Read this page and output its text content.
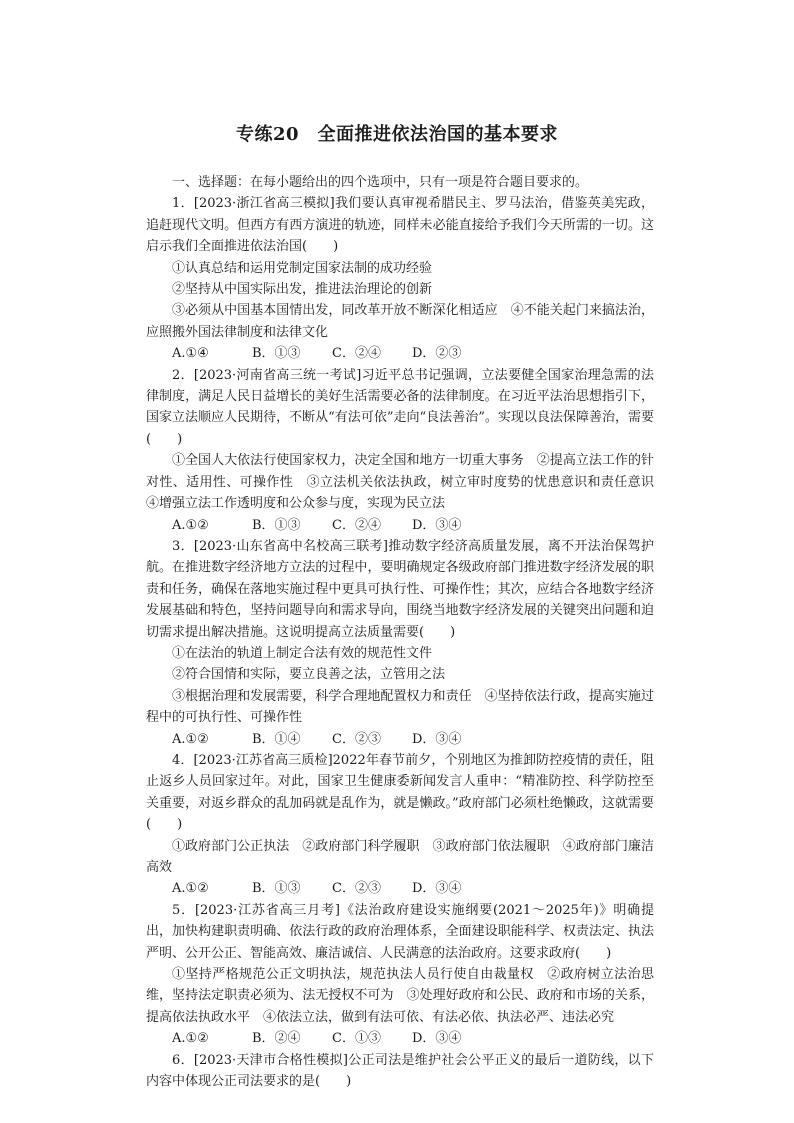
专练20　全面推进依法治国的基本要求

一、选择题：在每小题给出的四个选项中，只有一项是符合题目要求的。

1．[2023·浙江省高三模拟]我们要认真审视希腊民主、罗马法治，借鉴英美宪政，追赶现代文明。但西方有西方演进的轨迹，同样未必能直接给予我们今天所需的一切。这启示我们全面推进依法治国(　　)

①认真总结和运用党制定国家法制的成功经验

②坚持从中国实际出发，推进法治理论的创新

③必须从中国基本国情出发，同改革开放不断深化相适应　④不能关起门来搞法治，应照搬外国法律制度和法律文化

A.①④	B．①③	C．②④	D．②③

2．[2023·河南省高三统一考试]习近平总书记强调，立法要健全国家治理急需的法律制度，满足人民日益增长的美好生活需要必备的法律制度。在习近平法治思想指引下，国家立法顺应人民期待，不断从“有法可依”走向“良法善治”。实现以良法保障善治，需要(　　)

①全国人大依法行使国家权力，决定全国和地方一切重大事务　②提高立法工作的针对性、适用性、可操作性　③立法机关依法执政，树立审时度势的忧患意识和责任意识　④增强立法工作透明度和公众参与度，实现为民立法

A.①②	B．①③	C．②④	D．③④

3．[2023·山东省高中名校高三联考]推动数字经济高质量发展，离不开法治保驾护航。在推进数字经济地方立法的过程中，要明确规定各级政府部门推进数字经济发展的职责和任务，确保在落地实施过程中更具可执行性、可操作性；其次，应结合各地数字经济发展基础和特色，坚持问题导向和需求导向，围绕当地数字经济发展的关键突出问题和迫切需求提出解决措施。这说明提高立法质量需要(　　)

①在法治的轨道上制定合法有效的规范性文件

②符合国情和实际，要立良善之法，立管用之法

③根据治理和发展需要，科学合理地配置权力和责任　④坚持依法行政，提高实施过程中的可执行性、可操作性

A.①②	B．①④	C．②③	D．③④

4．[2023·江苏省高三质检]2022年春节前夕，个别地区为推卸防控疫情的责任，阻止返乡人员回家过年。对此，国家卫生健康委新闻发言人重申：“精准防控、科学防控至关重要，对返乡群众的乱加码就是乱作为，就是懒政。”政府部门必须杜绝懒政，这就需要(　　)

①政府部门公正执法　②政府部门科学履职　③政府部门依法履职　④政府部门廉洁高效

A.①②	B．①③	C．②③	D．③④

5．[2023·江苏省高三月考]《法治政府建设实施纲要(2021～2025年)》明确提出，加快构建职责明确、依法行政的政府治理体系，全面建设职能科学、权责法定、执法严明、公开公正、智能高效、廉洁诚信、人民满意的法治政府。这要求政府(　　)

①坚持严格规范公正文明执法，规范执法人员行使自由裁量权　②政府树立法治思维，坚持法定职责必须为、法无授权不可为　③处理好政府和公民、政府和市场的关系，提高依法执政水平　④依法立法，做到有法可依、有法必依、执法必严、违法必究

A.①②	B．②④	C．①③	D．③④

6．[2023·天津市合格性模拟]公正司法是维护社会公平正义的最后一道防线，以下内容中体现公正司法要求的是(　　)
